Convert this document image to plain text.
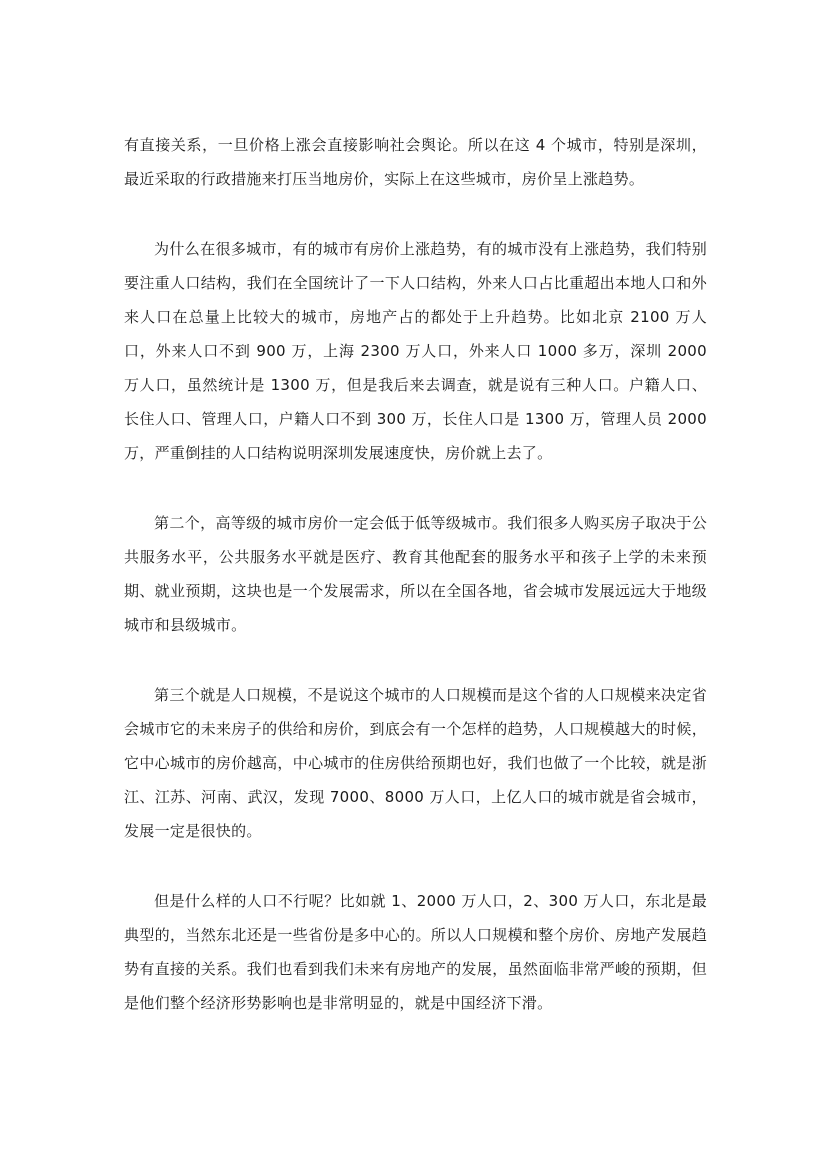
有直接关系，一旦价格上涨会直接影响社会舆论。所以在这 4 个城市，特别是深圳，最近采取的行政措施来打压当地房价，实际上在这些城市，房价呈上涨趋势。

为什么在很多城市，有的城市有房价上涨趋势，有的城市没有上涨趋势，我们特别要注重人口结构，我们在全国统计了一下人口结构，外来人口占比重超出本地人口和外来人口在总量上比较大的城市，房地产占的都处于上升趋势。比如北京 2100 万人口，外来人口不到 900 万，上海 2300 万人口，外来人口 1000 多万，深圳 2000 万人口，虽然统计是 1300 万，但是我后来去调查，就是说有三种人口。户籍人口、长住人口、管理人口，户籍人口不到 300 万，长住人口是 1300 万，管理人员 2000 万，严重倒挂的人口结构说明深圳发展速度快，房价就上去了。

第二个，高等级的城市房价一定会低于低等级城市。我们很多人购买房子取决于公共服务水平，公共服务水平就是医疗、教育其他配套的服务水平和孩子上学的未来预期、就业预期，这块也是一个发展需求，所以在全国各地，省会城市发展远远大于地级城市和县级城市。

第三个就是人口规模，不是说这个城市的人口规模而是这个省的人口规模来决定省会城市它的未来房子的供给和房价，到底会有一个怎样的趋势，人口规模越大的时候，它中心城市的房价越高，中心城市的住房供给预期也好，我们也做了一个比较，就是浙江、江苏、河南、武汉，发现 7000、8000 万人口，上亿人口的城市就是省会城市，发展一定是很快的。

但是什么样的人口不行呢？比如就 1、2000 万人口，2、300 万人口，东北是最典型的，当然东北还是一些省份是多中心的。所以人口规模和整个房价、房地产发展趋势有直接的关系。我们也看到我们未来有房地产的发展，虽然面临非常严峻的预期，但是他们整个经济形势影响也是非常明显的，就是中国经济下滑。
